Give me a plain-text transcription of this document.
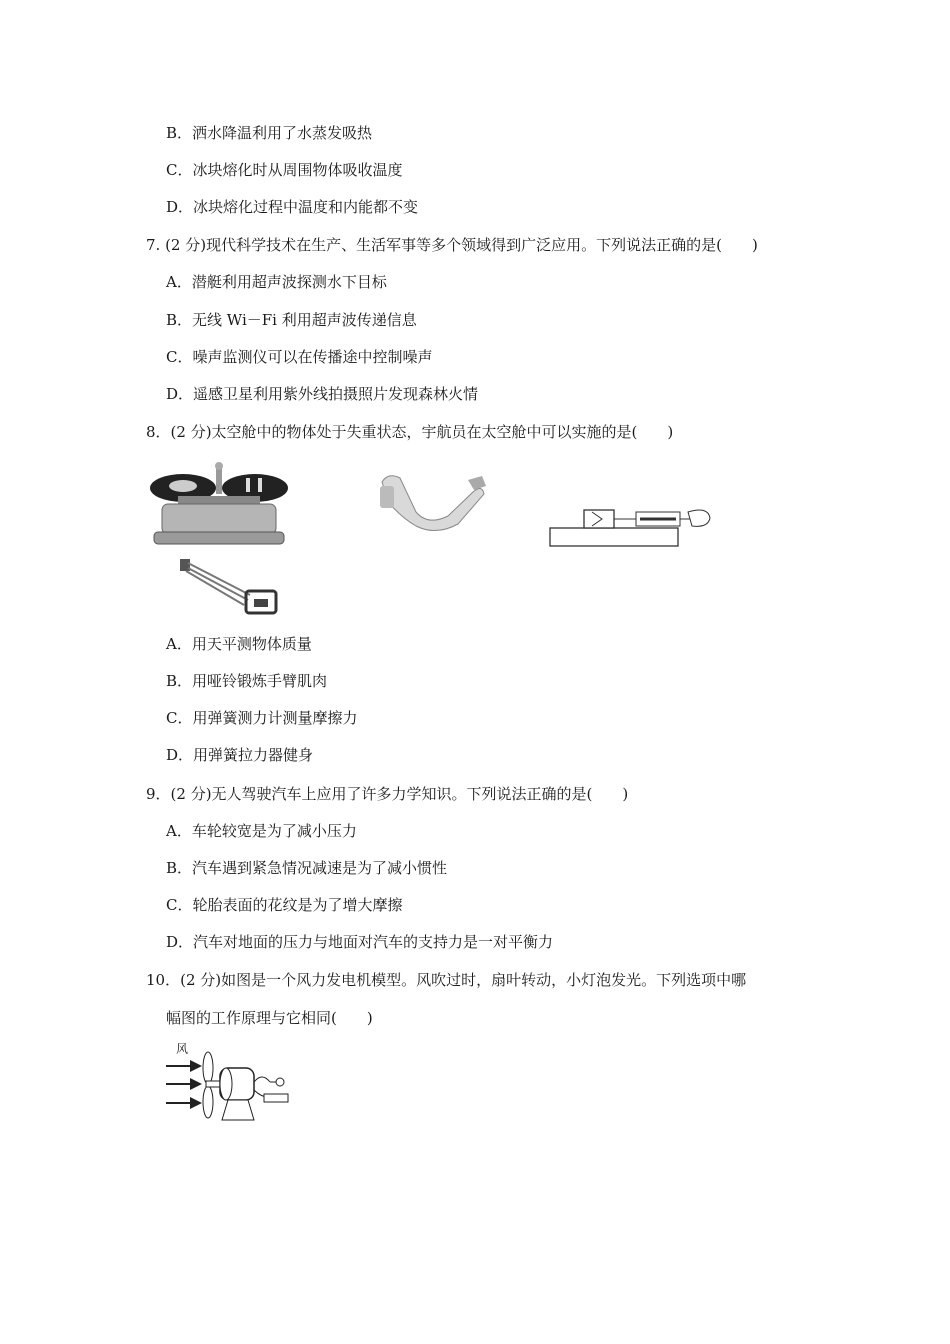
B．洒水降温利用了水蒸发吸热
C．冰块熔化时从周围物体吸收温度
D．冰块熔化过程中温度和内能都不变
7. (2 分)现代科学技术在生产、生活军事等多个领域得到广泛应用。下列说法正确的是(　　)
A．潜艇利用超声波探测水下目标
B．无线 Wi－Fi 利用超声波传递信息
C．噪声监测仪可以在传播途中控制噪声
D．遥感卫星利用紫外线拍摄照片发现森林火情
8．(2 分)太空舱中的物体处于失重状态，宇航员在太空舱中可以实施的是(　　)
A．用天平测物体质量
B．用哑铃锻炼手臂肌肉
C．用弹簧测力计测量摩擦力
D．用弹簧拉力器健身
9．(2 分)无人驾驶汽车上应用了许多力学知识。下列说法正确的是(　　)
A．车轮较宽是为了减小压力
B．汽车遇到紧急情况减速是为了减小惯性
C．轮胎表面的花纹是为了增大摩擦
D．汽车对地面的压力与地面对汽车的支持力是一对平衡力
10．(2 分)如图是一个风力发电机模型。风吹过时，扇叶转动，小灯泡发光。下列选项中哪
幅图的工作原理与它相同(　　)
风
